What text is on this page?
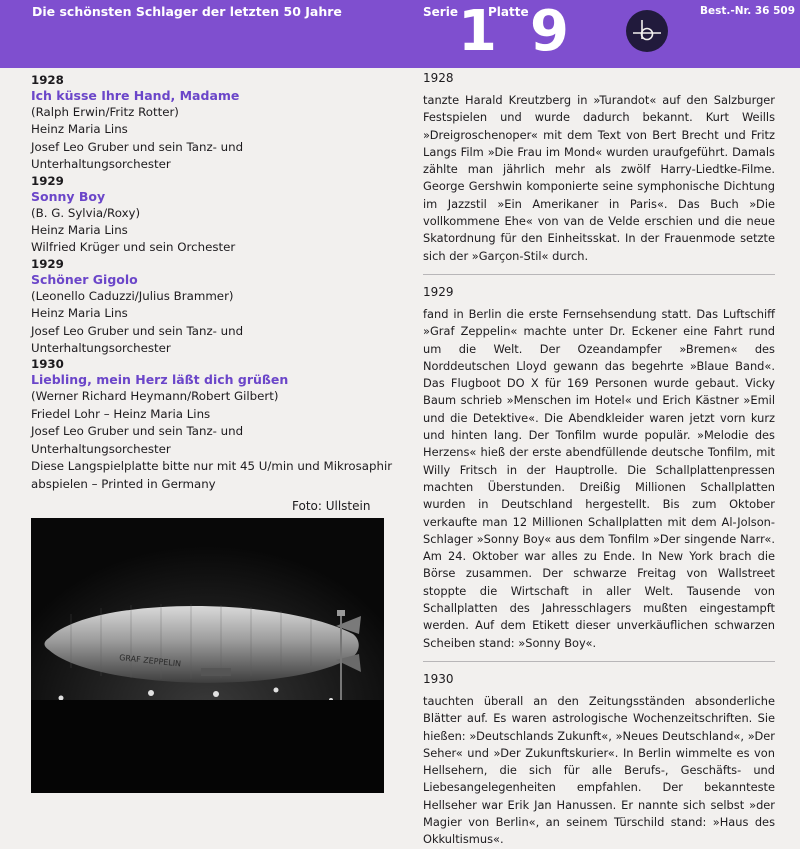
Die schönsten Schlager der letzten 50 Jahre	Serie 1
Platte 9	Best.-Nr. 36 509
1928
Ich küsse Ihre Hand, Madame
(Ralph Erwin/Fritz Rotter)
Heinz Maria Lins
Josef Leo Gruber und sein Tanz- und
Unterhaltungsorchester
1929
Sonny Boy
(B. G. Sylvia/Roxy)
Heinz Maria Lins
Wilfried Krüger und sein Orchester
1929
Schöner Gigolo
(Leonello Caduzzi/Julius Brammer)
Heinz Maria Lins
Josef Leo Gruber und sein Tanz- und
Unterhaltungsorchester
1930
Liebling, mein Herz läßt dich grüßen
(Werner Richard Heymann/Robert Gilbert)
Friedel Lohr – Heinz Maria Lins
Josef Leo Gruber und sein Tanz- und
Unterhaltungsorchester
Diese Langspielplatte bitte nur mit 45 U/min und Mikrosaphir
abspielen – Printed in Germany
Foto: Ullstein
GRAF ZEPPELIN
1928
tanzte Harald Kreutzberg in »Turandot« auf den Salzburger Festspielen und wurde dadurch bekannt. Kurt Weills »Dreigroschenoper« mit dem Text von Bert Brecht und Fritz Langs Film »Die Frau im Mond« wurden uraufgeführt. Damals zählte man jährlich mehr als zwölf Harry-Liedtke-Filme. George Gershwin komponierte seine symphonische Dichtung im Jazzstil »Ein Amerikaner in Paris«. Das Buch »Die vollkommene Ehe« von van de Velde erschien und die neue Skatordnung für den Einheitsskat. In der Frauenmode setzte sich der »Garçon-Stil« durch.
1929
fand in Berlin die erste Fernsehsendung statt. Das Luftschiff »Graf Zeppelin« machte unter Dr. Eckener eine Fahrt rund um die Welt. Der Ozeandampfer »Bremen« des Norddeutschen Lloyd gewann das begehrte »Blaue Band«. Das Flugboot DO X für 169 Personen wurde gebaut. Vicky Baum schrieb »Menschen im Hotel« und Erich Kästner »Emil und die Detektive«. Die Abendkleider waren jetzt vorn kurz und hinten lang. Der Tonfilm wurde populär. »Melodie des Herzens« hieß der erste abendfüllende deutsche Tonfilm, mit Willy Fritsch in der Hauptrolle. Die Schallplattenpressen machten Überstunden. Dreißig Millionen Schallplatten wurden in Deutschland hergestellt. Bis zum Oktober verkaufte man 12 Millionen Schallplatten mit dem Al-Jolson-Schlager »Sonny Boy« aus dem Tonfilm »Der singende Narr«. Am 24. Oktober war alles zu Ende. In New York brach die Börse zusammen. Der schwarze Freitag von Wallstreet stoppte die Wirtschaft in aller Welt. Tausende von Schallplatten des Jahresschlagers mußten eingestampft werden. Auf dem Etikett dieser unverkäuflichen schwarzen Scheiben stand: »Sonny Boy«.
1930
tauchten überall an den Zeitungsständen absonderliche Blätter auf. Es waren astrologische Wochenzeitschriften. Sie hießen: »Deutschlands Zukunft«, »Neues Deutschland«, »Der Seher« und »Der Zukunftskurier«. In Berlin wimmelte es von Hellsehern, die sich für alle Berufs-, Geschäfts- und Liebesangelegenheiten empfahlen. Der bekannteste Hellseher war Erik Jan Hanussen. Er nannte sich selbst »der Magier von Berlin«, an seinem Türschild stand: »Haus des Okkultismus«.
